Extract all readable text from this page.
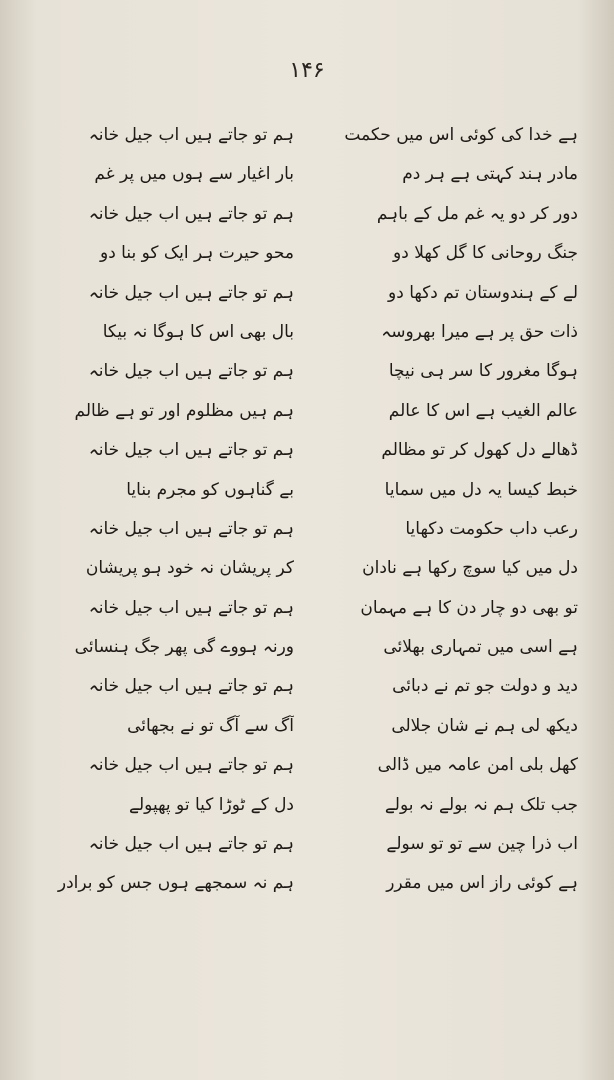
۱۴۶
ہے خدا کی کوئی اس میں حکمت
مادر ہند کہتی ہے ہر دم
دور کر دو یہ غم مل کے باہم
جنگ روحانی کا گل کھلا دو
لے کے ہندوستان تم دکھا دو
ذات حق پر ہے میرا بھروسہ
ہوگا مغرور کا سر ہی نیچا
عالم الغیب ہے اس کا عالم
ڈھالے دل کھول کر تو مظالم
خبط کیسا یہ دل میں سمایا
رعب داب حکومت دکھایا
دل میں کیا سوچ رکھا ہے نادان
تو بھی دو چار دن کا ہے مہمان
ہے اسی میں تمہاری بھلائی
دید و دولت جو تم نے دبائی
دیکھ لی ہم نے شان جلالی
کھل بلی امن عامہ میں ڈالی
جب تلک ہم نہ بولے نہ بولے
اب ذرا چین سے تو تو سولے
ہے کوئی راز اس میں مقرر
ہم تو جاتے ہیں اب جیل خانہ
بار اغیار سے ہوں میں پر غم
ہم تو جاتے ہیں اب جیل خانہ
محو حیرت ہر ایک کو بنا دو
ہم تو جاتے ہیں اب جیل خانہ
بال بھی اس کا ہوگا نہ بیکا
ہم تو جاتے ہیں اب جیل خانہ
ہم ہیں مظلوم اور تو ہے ظالم
ہم تو جاتے ہیں اب جیل خانہ
بے گناہوں کو مجرم بنایا
ہم تو جاتے ہیں اب جیل خانہ
کر پریشان نہ خود ہو پریشان
ہم تو جاتے ہیں اب جیل خانہ
ورنہ ہووے گی پھر جگ ہنسائی
ہم تو جاتے ہیں اب جیل خانہ
آگ سے آگ تو نے بجھائی
ہم تو جاتے ہیں اب جیل خانہ
دل کے ٹوڑا کیا تو پھپولے
ہم تو جاتے ہیں اب جیل خانہ
ہم نہ سمجھے ہوں جس کو برادر
